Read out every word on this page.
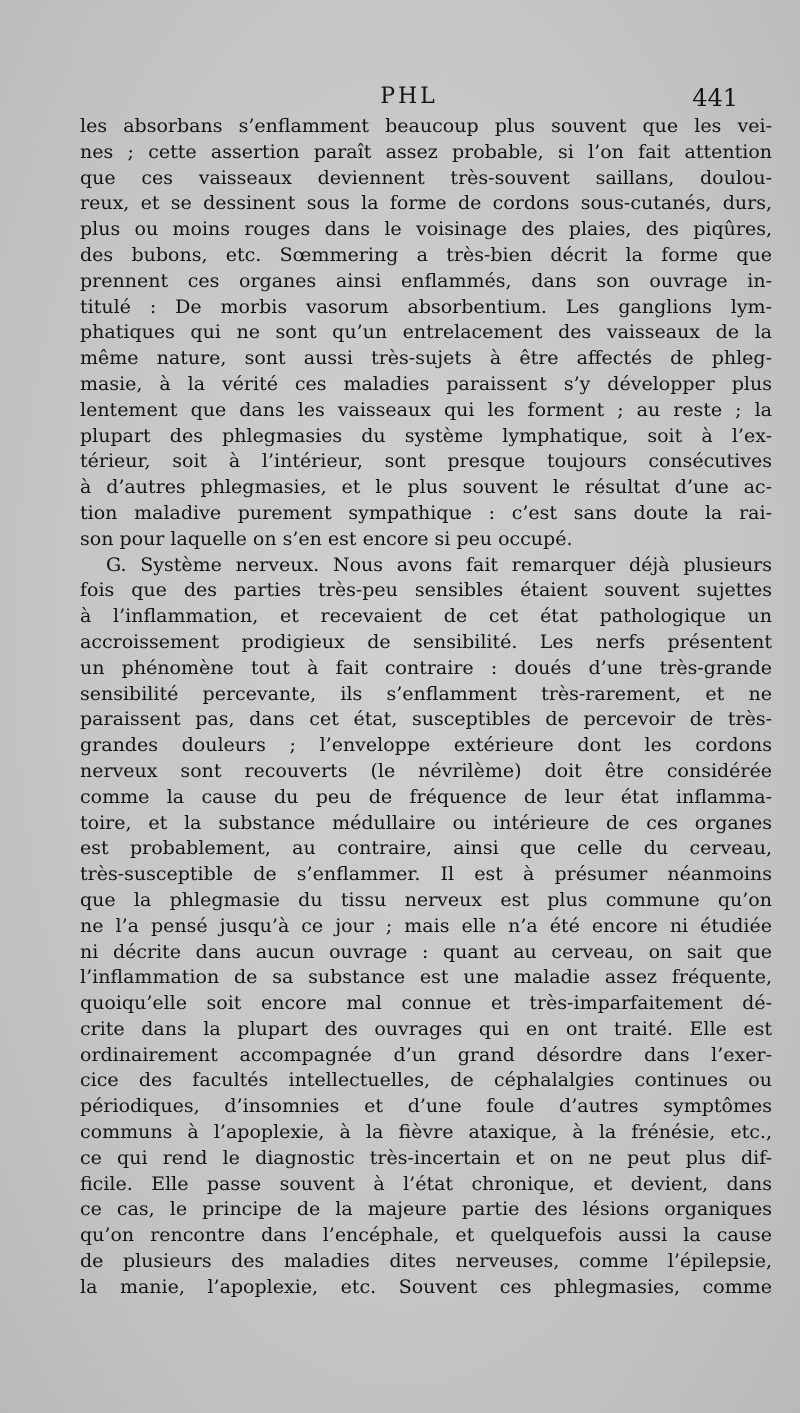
PHL	441
les absorbans s’enflamment beaucoup plus souvent que les vei-
nes ; cette assertion paraît assez probable, si l’on fait attention
que ces vaisseaux deviennent très-souvent saillans, doulou-
reux, et se dessinent sous la forme de cordons sous-cutanés, durs,
plus ou moins rouges dans le voisinage des plaies, des piqûres,
des bubons, etc. Sœmmering a très-bien décrit la forme que
prennent ces organes ainsi enflammés, dans son ouvrage in-
titulé : De morbis vasorum absorbentium. Les ganglions lym-
phatiques qui ne sont qu’un entrelacement des vaisseaux de la
même nature, sont aussi très-sujets à être affectés de phleg-
masie, à la vérité ces maladies paraissent s’y développer plus
lentement que dans les vaisseaux qui les forment ; au reste ; la
plupart des phlegmasies du système lymphatique, soit à l’ex-
térieur, soit à l’intérieur, sont presque toujours consécutives
à d’autres phlegmasies, et le plus souvent le résultat d’une ac-
tion maladive purement sympathique : c’est sans doute la rai-
son pour laquelle on s’en est encore si peu occupé.
G. Système nerveux. Nous avons fait remarquer déjà plusieurs
fois que des parties très-peu sensibles étaient souvent sujettes
à l’inflammation, et recevaient de cet état pathologique un
accroissement prodigieux de sensibilité. Les nerfs présentent
un phénomène tout à fait contraire : doués d’une très-grande
sensibilité percevante, ils s’enflamment très-rarement, et ne
paraissent pas, dans cet état, susceptibles de percevoir de très-
grandes douleurs ; l’enveloppe extérieure dont les cordons
nerveux sont recouverts (le névrilème) doit être considérée
comme la cause du peu de fréquence de leur état inflamma-
toire, et la substance médullaire ou intérieure de ces organes
est probablement, au contraire, ainsi que celle du cerveau,
très-susceptible de s’enflammer. Il est à présumer néanmoins
que la phlegmasie du tissu nerveux est plus commune qu’on
ne l’a pensé jusqu’à ce jour ; mais elle n’a été encore ni étudiée
ni décrite dans aucun ouvrage : quant au cerveau, on sait que
l’inflammation de sa substance est une maladie assez fréquente,
quoiqu’elle soit encore mal connue et très-imparfaitement dé-
crite dans la plupart des ouvrages qui en ont traité. Elle est
ordinairement accompagnée d’un grand désordre dans l’exer-
cice des facultés intellectuelles, de céphalalgies continues ou
périodiques, d’insomnies et d’une foule d’autres symptômes
communs à l’apoplexie, à la fièvre ataxique, à la frénésie, etc.,
ce qui rend le diagnostic très-incertain et on ne peut plus dif-
ficile. Elle passe souvent à l’état chronique, et devient, dans
ce cas, le principe de la majeure partie des lésions organiques
qu’on rencontre dans l’encéphale, et quelquefois aussi la cause
de plusieurs des maladies dites nerveuses, comme l’épilepsie,
la manie, l’apoplexie, etc. Souvent ces phlegmasies, comme
